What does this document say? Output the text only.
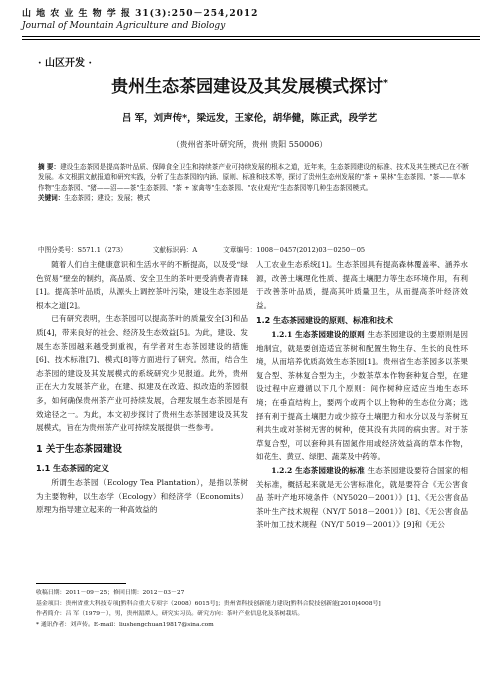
山 地 农 业 生 物 学 报 31(3):250－254,2012
Journal of Mountain Agriculture and Biology
· 山区开发 ·
贵州生态茶园建设及其发展模式探讨*
吕 军，刘声传*，梁远发，王家伦，胡华健，陈正武，段学艺
（贵州省茶叶研究所，贵州 贵阳 550006）

摘 要：建设生态茶园是提高茶叶品质、保障食全卫生和持续茶产业可持续发展的根本之道，近年来，生态茶园建设的标准、技术及其生模式已在不断发展。本文根据文献报道和研究实践，分析了生态茶园的内涵、原则、标准和技术等，探讨了贵州生态州发展的"茶 + 果林"生态茶园、"茶——草本作物"生态茶园、"猪——沼——茶"生态茶园、"茶 + 家禽等"生态茶园、"农业观光"生态茶园等几种生态茶园模式。

关键词：生态茶园；建设；发展；模式

中图分类号：S571.1（273）	文献标识码：A	文章编号：1008－0457(2012)03－0250－05

随着人们自主健康意识和生活水平的不断提高，以及受“绿色贸易”壁垒的制约，高品质、安全卫生的茶叶更受消费者青睐[1]。提高茶叶品质，从源头上调控茶叶污染，建设生态茶园是根本之道[2]。

已有研究表明，生态茶园可以提高茶叶的质量安全[3]和品质[4]，带来良好的社会、经济及生态效益[5]。为此，建设、发展生态茶园越来越受到重视，有学者对生态茶园建设的措施[6]、技术标准[7]、模式[8]等方面进行了研究。然而，结合生态茶园的建设及其发展模式的系统研究少见报道。此外，贵州正在大力发展茶产业，在建、拟建及在改造、拟改造的茶园很多，如何确保贵州茶产业可持续发展，合理发展生态茶园是有效途径之一。为此，本文初步探讨了贵州生态茶园建设及其发展模式，旨在为贵州茶产业可持续发展提供一些参考。

1 关于生态茶园建设
1.1 生态茶园的定义

所谓生态茶园（Ecology Tea Plantation），是指以茶树为主要物种，以生态学（Ecology）和经济学（Economits）原理为指导建立起来的一种高效益的

人工农业生态系统[1]。生态茶园具有提高森林覆盖率、涵养水源，改善土壤理化性质、提高土壤肥力等生态环境作用，有利于改善茶叶品质，提高其叶质量卫生，从而提高茶叶经济效益。

1.2 生态茶园建设的原则、标准和技术

1.2.1 生态茶园建设的原则 生态茶园建设的主要原则是因地制宜，就是要创造适宜茶树和配置生物生存、生长的良性环境，从而培养优质高效生态茶园[1]。贵州省生态茶园多以茶果复合型、茶林复合型为主，少数茶草本作物套种复合型，在建设过程中应遵循以下几个原则：间作树种应适应当地生态环境；在垂直结构上，要两个或两个以上物种的生态位分离；选择有利于提高土壤肥力或少掠夺土壤肥力和水分以及与茶树互利共生或对茶树无害的树种，使其没有共同的病虫害。对于茶草复合型，可以套种具有固氮作用或经济效益高的草本作物，如花生、黄豆、绿肥、蔬菜及中药等。

1.2.2 生态茶园建设的标准 生态茶园建设要符合国家的相关标准，概括起来就是无公害标准化，就是要符合《无公害食品 茶叶产地环境条件（NY5020－2001）》[1]、《无公害食品 茶叶生产技术规程（NY/T 5018－2001）》[8]、《无公害食品 茶叶加工技术规程（NY/T 5019－2001）》[9]和《无公

收稿日期：2011－09－25；修回日期：2012－03－27

基金项目：贵州省重大科技专项[黔科合重大专项字（2008）6015号]；贵州省科技创新能力建设[黔科合院技创新能[2010]4008号]

作者简介：吕 军（1979－），男，贵州湄潭人，研究实习员。研究方向：茶叶产业信息化及茶树栽培。

* 通讯作者：刘声传。E-mail：liushengchuan19817@sina.com
